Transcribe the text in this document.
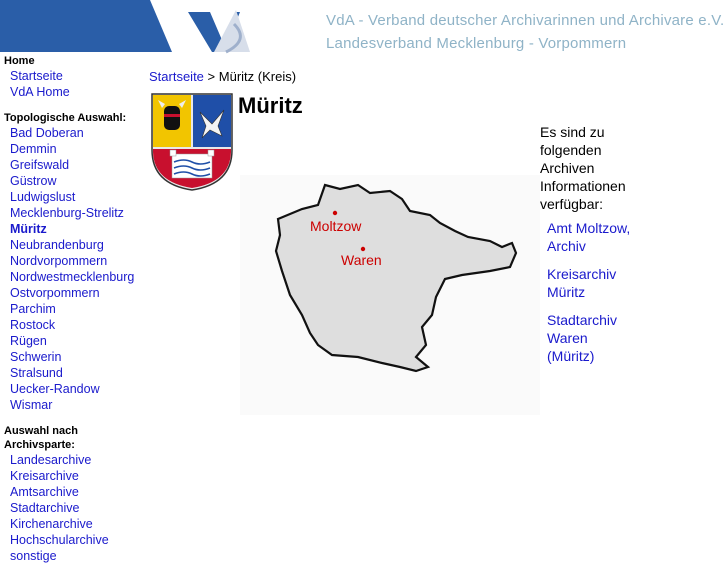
VdA - Verband deutscher Archivarinnen und Archivare e.V.
Landesverband Mecklenburg - Vorpommern
Home
Startseite
VdA Home
Topologische Auswahl:
Bad Doberan
Demmin
Greifswald
Güstrow
Ludwigslust
Mecklenburg-Strelitz
Müritz
Neubrandenburg
Nordvorpommern
Nordwestmecklenburg
Ostvorpommern
Parchim
Rostock
Rügen
Schwerin
Stralsund
Uecker-Randow
Wismar
Auswahl nach
Archivsparte:
Landesarchive
Kreisarchive
Amtsarchive
Stadtarchive
Kirchenarchive
Hochschularchive
sonstige
Startseite > Müritz (Kreis)
Müritz
Moltzow
Waren
Es sind zu folgenden Archiven Informationen verfügbar:
Amt Moltzow, Archiv
Kreisarchiv Müritz
Stadtarchiv Waren (Müritz)
